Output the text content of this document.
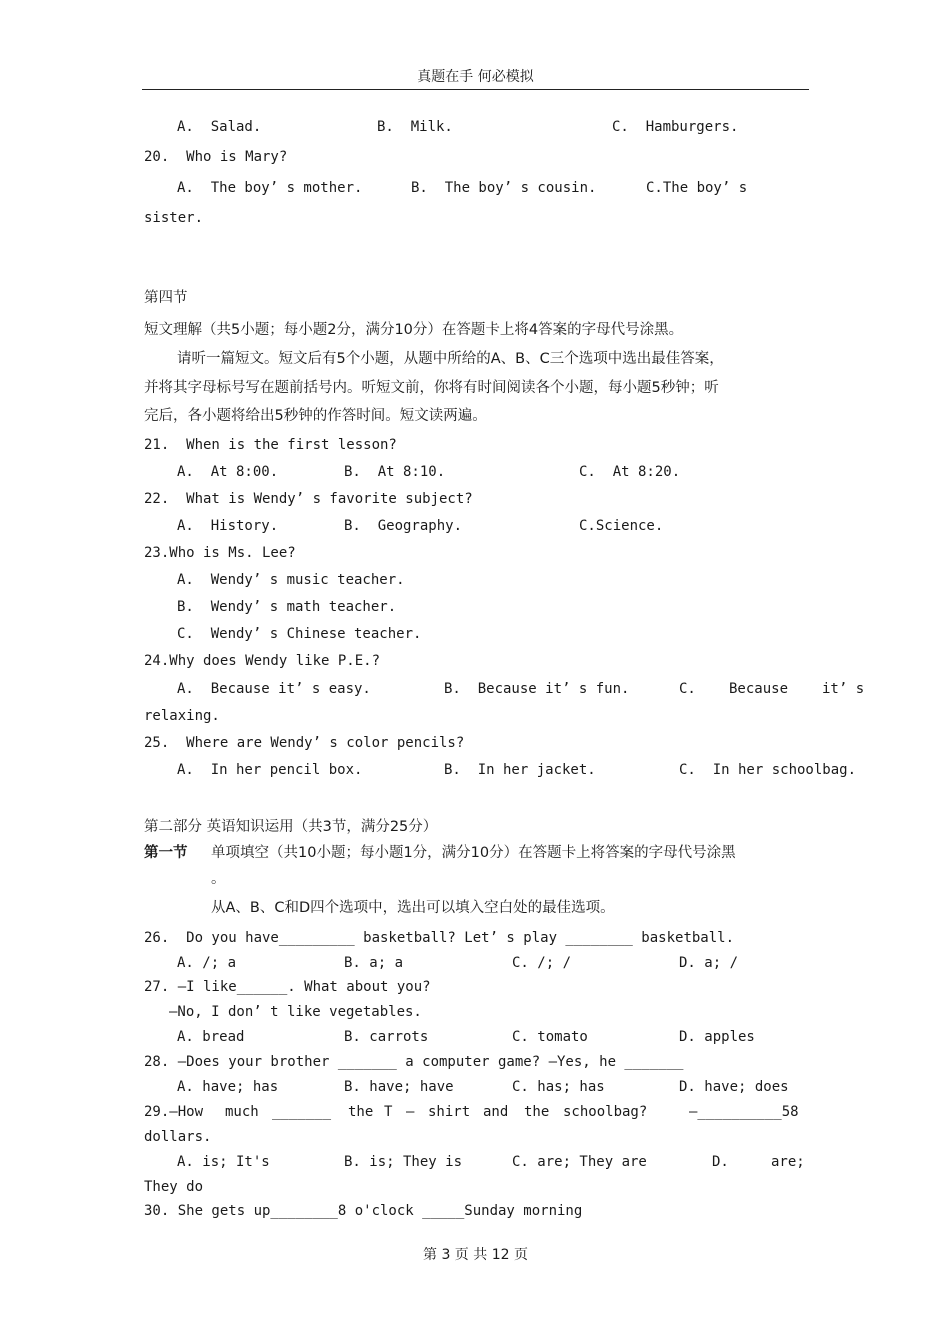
真题在手 何必模拟
A.  Salad.	B.  Milk.	C.  Hamburgers.
20.  Who is Mary?
A.  The boy’ s mother.	B.  The boy’ s cousin.	C.The boy’ s
sister.
第四节
短文理解（共5小题；每小题2分，满分10分）在答题卡上将4答案的字母代号涂黑。
请听一篇短文。短文后有5个小题，从题中所给的A、B、C三个选项中选出最佳答案，
并将其字母标号写在题前括号内。听短文前，你将有时间阅读各个小题，每小题5秒钟；听
完后，各小题将给出5秒钟的作答时间。短文读两遍。
21.  When is the first lesson?
A.  At 8:00.	B.  At 8:10.	C.  At 8:20.
22.  What is Wendy’ s favorite subject?
A.  History.	B.  Geography.	C.Science.
23.Who is Ms. Lee?
A.  Wendy’ s music teacher.
B.  Wendy’ s math teacher.
C.  Wendy’ s Chinese teacher.
24.Why does Wendy like P.E.?
A.  Because it’ s easy.	B.  Because it’ s fun.	C. Because it’ s
relaxing.
25.  Where are Wendy’ s color pencils?
A.  In her pencil box.	B.  In her jacket.	C.  In her schoolbag.
第二部分 英语知识运用（共3节，满分25分）
第一节 单项填空（共10小题；每小题1分，满分10分）在答题卡上将答案的字母代号涂黑
。
从A、B、C和D四个选项中，选出可以填入空白处的最佳选项。
26.  Do you have_________ basketball? Let’ s play ________ basketball.
A. /; a	B. a; a	C. /; /	D. a; /
27. —I like______. What about you?
—No, I don’ t like vegetables.
A. bread	B. carrots	C. tomato	D. apples
28. —Does your brother _______ a computer game? —Yes, he _______
A. have; has	B. have; have	C. has; has	D. have; does
29.—How much _______ the T – shirt and the schoolbag?	—__________58
dollars.
A. is; It's	B. is; They is	C. are; They are	D.	are;
They do
30. She gets up________8 o'clock _____Sunday morning
第 3 页 共 12 页
